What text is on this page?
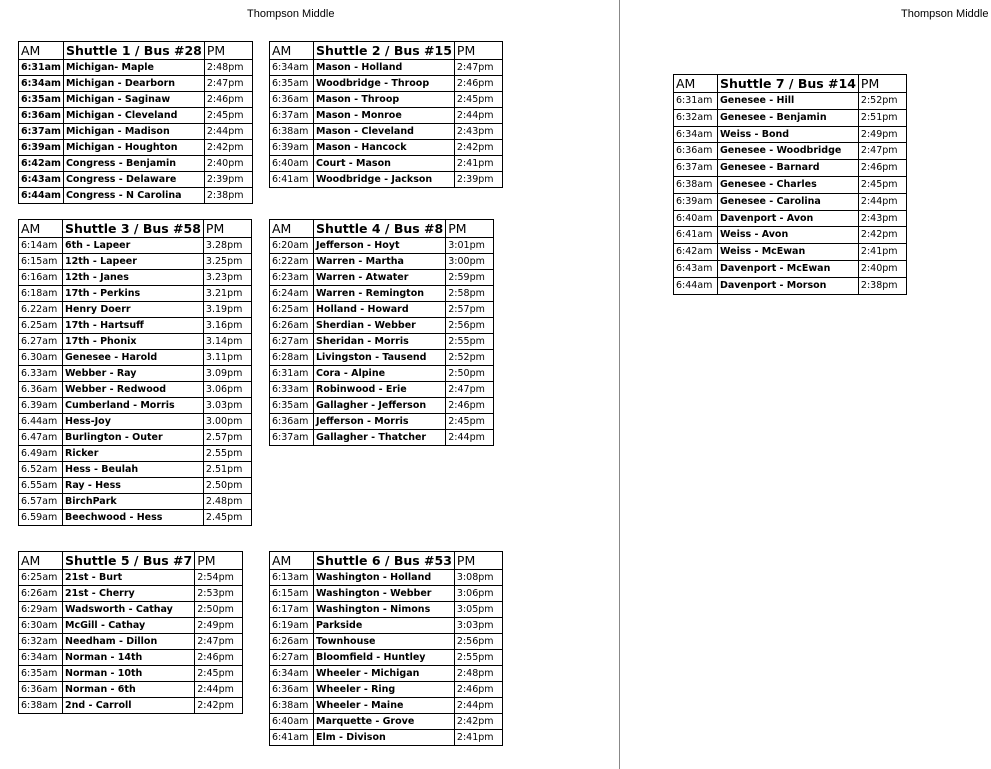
Thompson Middle	Thompson Middle
AM	Shuttle 1 / Bus #28	PM
6:31am	Michigan- Maple	2:48pm
6:34am	Michigan - Dearborn	2:47pm
6:35am	Michigan - Saginaw	2:46pm
6:36am	Michigan - Cleveland	2:45pm
6:37am	Michigan - Madison	2:44pm
6:39am	Michigan - Houghton	2:42pm
6:42am	Congress - Benjamin	2:40pm
6:43am	Congress - Delaware	2:39pm
6:44am	Congress - N Carolina	2:38pm
AM	Shuttle 2 / Bus #15	PM
6:34am	Mason - Holland	2:47pm
6:35am	Woodbridge - Throop	2:46pm
6:36am	Mason - Throop	2:45pm
6:37am	Mason - Monroe	2:44pm
6:38am	Mason - Cleveland	2:43pm
6:39am	Mason - Hancock	2:42pm
6:40am	Court - Mason	2:41pm
6:41am	Woodbridge - Jackson	2:39pm
AM	Shuttle 3 / Bus #58	PM
6:14am	6th - Lapeer	3.28pm
6:15am	12th - Lapeer	3.25pm
6:16am	12th - Janes	3.23pm
6:18am	17th - Perkins	3.21pm
6.22am	Henry Doerr	3.19pm
6.25am	17th - Hartsuff	3.16pm
6.27am	17th - Phonix	3.14pm
6.30am	Genesee - Harold	3.11pm
6.33am	Webber - Ray	3.09pm
6.36am	Webber - Redwood	3.06pm
6.39am	Cumberland - Morris	3.03pm
6.44am	Hess-Joy	3.00pm
6.47am	Burlington - Outer	2.57pm
6.49am	Ricker	2.55pm
6.52am	Hess - Beulah	2.51pm
6.55am	Ray - Hess	2.50pm
6.57am	BirchPark	2.48pm
6.59am	Beechwood - Hess	2.45pm
AM	Shuttle 4 / Bus #8	PM
6:20am	Jefferson - Hoyt	3:01pm
6:22am	Warren - Martha	3:00pm
6:23am	Warren - Atwater	2:59pm
6:24am	Warren - Remington	2:58pm
6:25am	Holland - Howard	2:57pm
6:26am	Sherdian - Webber	2:56pm
6:27am	Sheridan - Morris	2:55pm
6:28am	Livingston - Tausend	2:52pm
6:31am	Cora - Alpine	2:50pm
6:33am	Robinwood - Erie	2:47pm
6:35am	Gallagher - Jefferson	2:46pm
6:36am	Jefferson - Morris	2:45pm
6:37am	Gallagher - Thatcher	2:44pm
AM	Shuttle 5 / Bus #7	PM
6:25am	21st - Burt	2:54pm
6:26am	21st - Cherry	2:53pm
6:29am	Wadsworth - Cathay	2:50pm
6:30am	McGill - Cathay	2:49pm
6:32am	Needham - Dillon	2:47pm
6:34am	Norman - 14th	2:46pm
6:35am	Norman - 10th	2:45pm
6:36am	Norman - 6th	2:44pm
6:38am	2nd - Carroll	2:42pm
AM	Shuttle 6 / Bus #53	PM
6:13am	Washington - Holland	3:08pm
6:15am	Washington - Webber	3:06pm
6:17am	Washington - Nimons	3:05pm
6:19am	Parkside	3:03pm
6:26am	Townhouse	2:56pm
6:27am	Bloomfield - Huntley	2:55pm
6:34am	Wheeler - Michigan	2:48pm
6:36am	Wheeler - Ring	2:46pm
6:38am	Wheeler - Maine	2:44pm
6:40am	Marquette - Grove	2:42pm
6:41am	Elm - Divison	2:41pm
AM	Shuttle 7 / Bus #14	PM
6:31am	Genesee - Hill	2:52pm
6:32am	Genesee - Benjamin	2:51pm
6:34am	Weiss - Bond	2:49pm
6:36am	Genesee - Woodbridge	2:47pm
6:37am	Genesee - Barnard	2:46pm
6:38am	Genesee - Charles	2:45pm
6:39am	Genesee - Carolina	2:44pm
6:40am	Davenport - Avon	2:43pm
6:41am	Weiss - Avon	2:42pm
6:42am	Weiss - McEwan	2:41pm
6:43am	Davenport - McEwan	2:40pm
6:44am	Davenport - Morson	2:38pm
